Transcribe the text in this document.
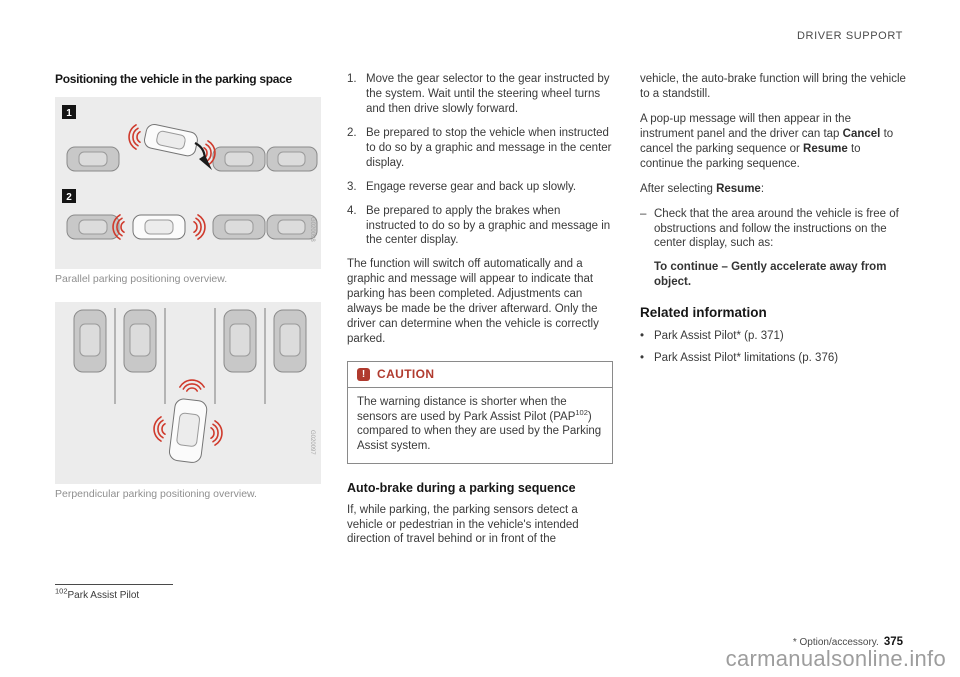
DRIVER SUPPORT
Positioning the vehicle in the parking space
1
2
G020098
Parallel parking positioning overview.
G020097
Perpendicular parking positioning overview.
1. Move the gear selector to the gear instructed by the system. Wait until the steering wheel turns and then drive slowly forward.
2. Be prepared to stop the vehicle when instructed to do so by a graphic and message in the center display.
3. Engage reverse gear and back up slowly.
4. Be prepared to apply the brakes when instructed to do so by a graphic and message in the center display.

The function will switch off automatically and a graphic and message will appear to indicate that parking has been completed. Adjustments can always be made be the driver afterward. Only the driver can determine when the vehicle is correctly parked.

! CAUTION
The warning distance is shorter when the sensors are used by Park Assist Pilot (PAP$^{102}$) compared to when they are used by the Parking Assist system.
Auto-brake during a parking sequence

If, while parking, the parking sensors detect a vehicle or pedestrian in the vehicle's intended direction of travel behind or in front of the

vehicle, the auto-brake function will bring the vehicle to a standstill.

A pop-up message will then appear in the instrument panel and the driver can tap Cancel to cancel the parking sequence or Resume to continue the parking sequence.

After selecting Resume:

– Check that the area around the vehicle is free of obstructions and follow the instructions on the center display, such as:
To continue – Gently accelerate away from object.
Related information
• Park Assist Pilot* (p. 371)
• Park Assist Pilot* limitations (p. 376)
$^{102}$Park Assist Pilot
* Option/accessory. 375
carmanualsonline.info
